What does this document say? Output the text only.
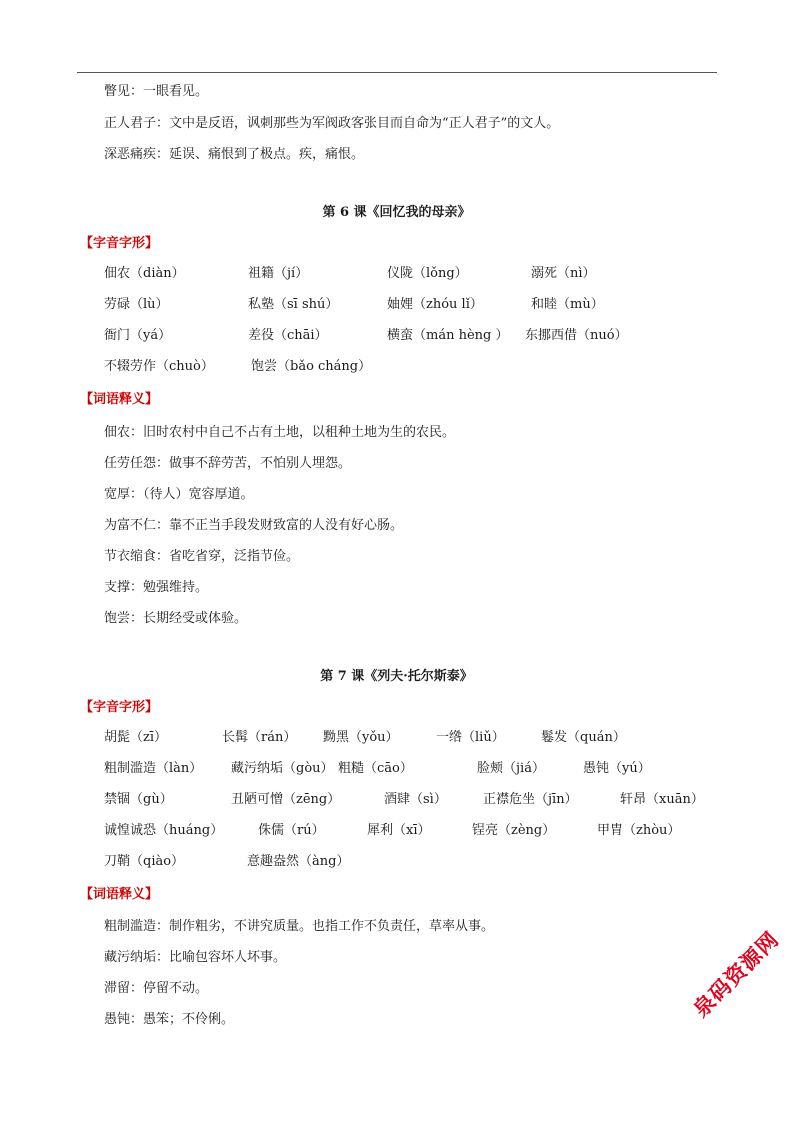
瞥见：一眼看见。
正人君子：文中是反语，讽刺那些为军阀政客张目而自命为“正人君子”的文人。
深恶痛疾：延误、痛恨到了极点。疾，痛恨。
第 6 课《回忆我的母亲》
【字音字形】
佃农（diàn）	祖籍（jí）	仪陇（lǒng）	溺死（nì）
劳碌（lù）	私塾（sī shú）	妯娌（zhóu lǐ）	和睦（mù）
衙门（yá）	差役（chāi）	横蛮（mán hèng ） 东挪西借（nuó）
不辍劳作（chuò）	饱尝（bǎo cháng）
【词语释义】
佃农：旧时农村中自己不占有土地，以租种土地为生的农民。
任劳任怨：做事不辞劳苦，不怕别人埋怨。
宽厚：（待人）宽容厚道。
为富不仁：靠不正当手段发财致富的人没有好心肠。
节衣缩食：省吃省穿，泛指节俭。
支撑：勉强维持。
饱尝：长期经受或体验。
第 7 课《列夫·托尔斯泰》
【字音字形】
胡髭（zī）	长髯（rán） 黝黑（yǒu）	一绺（liǔ）	鬈发（quán）
粗制滥造（làn） 藏污纳垢（gòu） 粗糙（cāo）	脸颊（jiá）	愚钝（yú）
禁锢（gù）	丑陋可憎（zēng）	酒肆（sì）	正襟危坐（jīn）	轩昂（xuān）
诚惶诚恐（huáng）	侏儒（rú）	犀利（xī）	锃亮（zèng）	甲胄（zhòu）
刀鞘（qiào）	意趣盎然（àng）
【词语释义】
粗制滥造：制作粗劣，不讲究质量。也指工作不负责任，草率从事。
藏污纳垢：比喻包容坏人坏事。
滞留：停留不动。
愚钝：愚笨；不伶俐。	泉码资源网
